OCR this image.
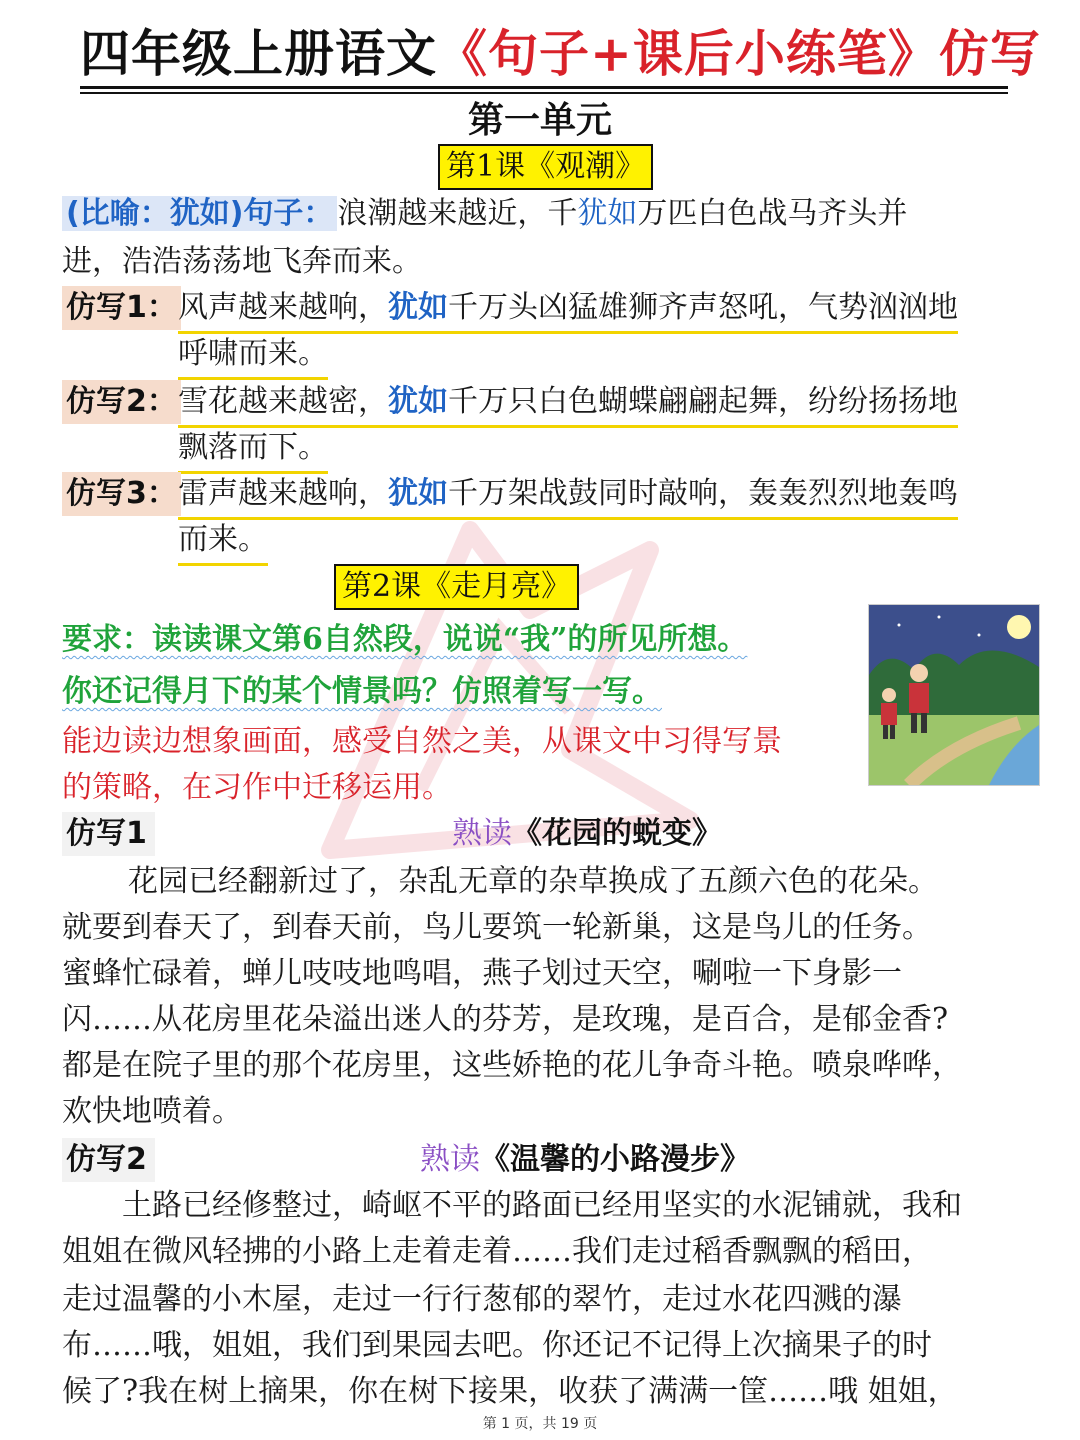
四年级上册语文《句子+课后小练笔》仿写
第一单元
第1课《观潮》
(比喻：犹如)句子： 浪潮越来越近，千犹如万匹白色战马齐头并
进，浩浩荡荡地飞奔而来。
仿写1： 风声越来越响，犹如千万头凶猛雄狮齐声怒吼，气势汹汹地
呼啸而来。
仿写2： 雪花越来越密，犹如千万只白色蝴蝶翩翩起舞，纷纷扬扬地
飘落而下。
仿写3： 雷声越来越响，犹如千万架战鼓同时敲响，轰轰烈烈地轰鸣
而来。
第2课《走月亮》
要求：读读课文第6自然段，说说“我”的所见所想。
你还记得月下的某个情景吗？仿照着写一写。
能边读边想象画面，感受自然之美，从课文中习得写景
的策略，在习作中迁移运用。
仿写1	熟读《花园的蜕变》
花园已经翻新过了，杂乱无章的杂草换成了五颜六色的花朵。
就要到春天了，到春天前，鸟儿要筑一轮新巢，这是鸟儿的任务。
蜜蜂忙碌着，蝉儿吱吱地鸣唱，燕子划过天空，唰啦一下身影一
闪……从花房里花朵溢出迷人的芬芳，是玫瑰，是百合，是郁金香?
都是在院子里的那个花房里，这些娇艳的花儿争奇斗艳。喷泉哗哗，
欢快地喷着。
仿写2	熟读《温馨的小路漫步》
土路已经修整过，崎岖不平的路面已经用坚实的水泥铺就，我和
姐姐在微风轻拂的小路上走着走着……我们走过稻香飘飘的稻田，
走过温馨的小木屋，走过一行行葱郁的翠竹，走过水花四溅的瀑
布……哦，姐姐，我们到果园去吧。你还记不记得上次摘果子的时
候了?我在树上摘果，你在树下接果，收获了满满一筐……哦 姐姐，
第 1 页，共 19 页
